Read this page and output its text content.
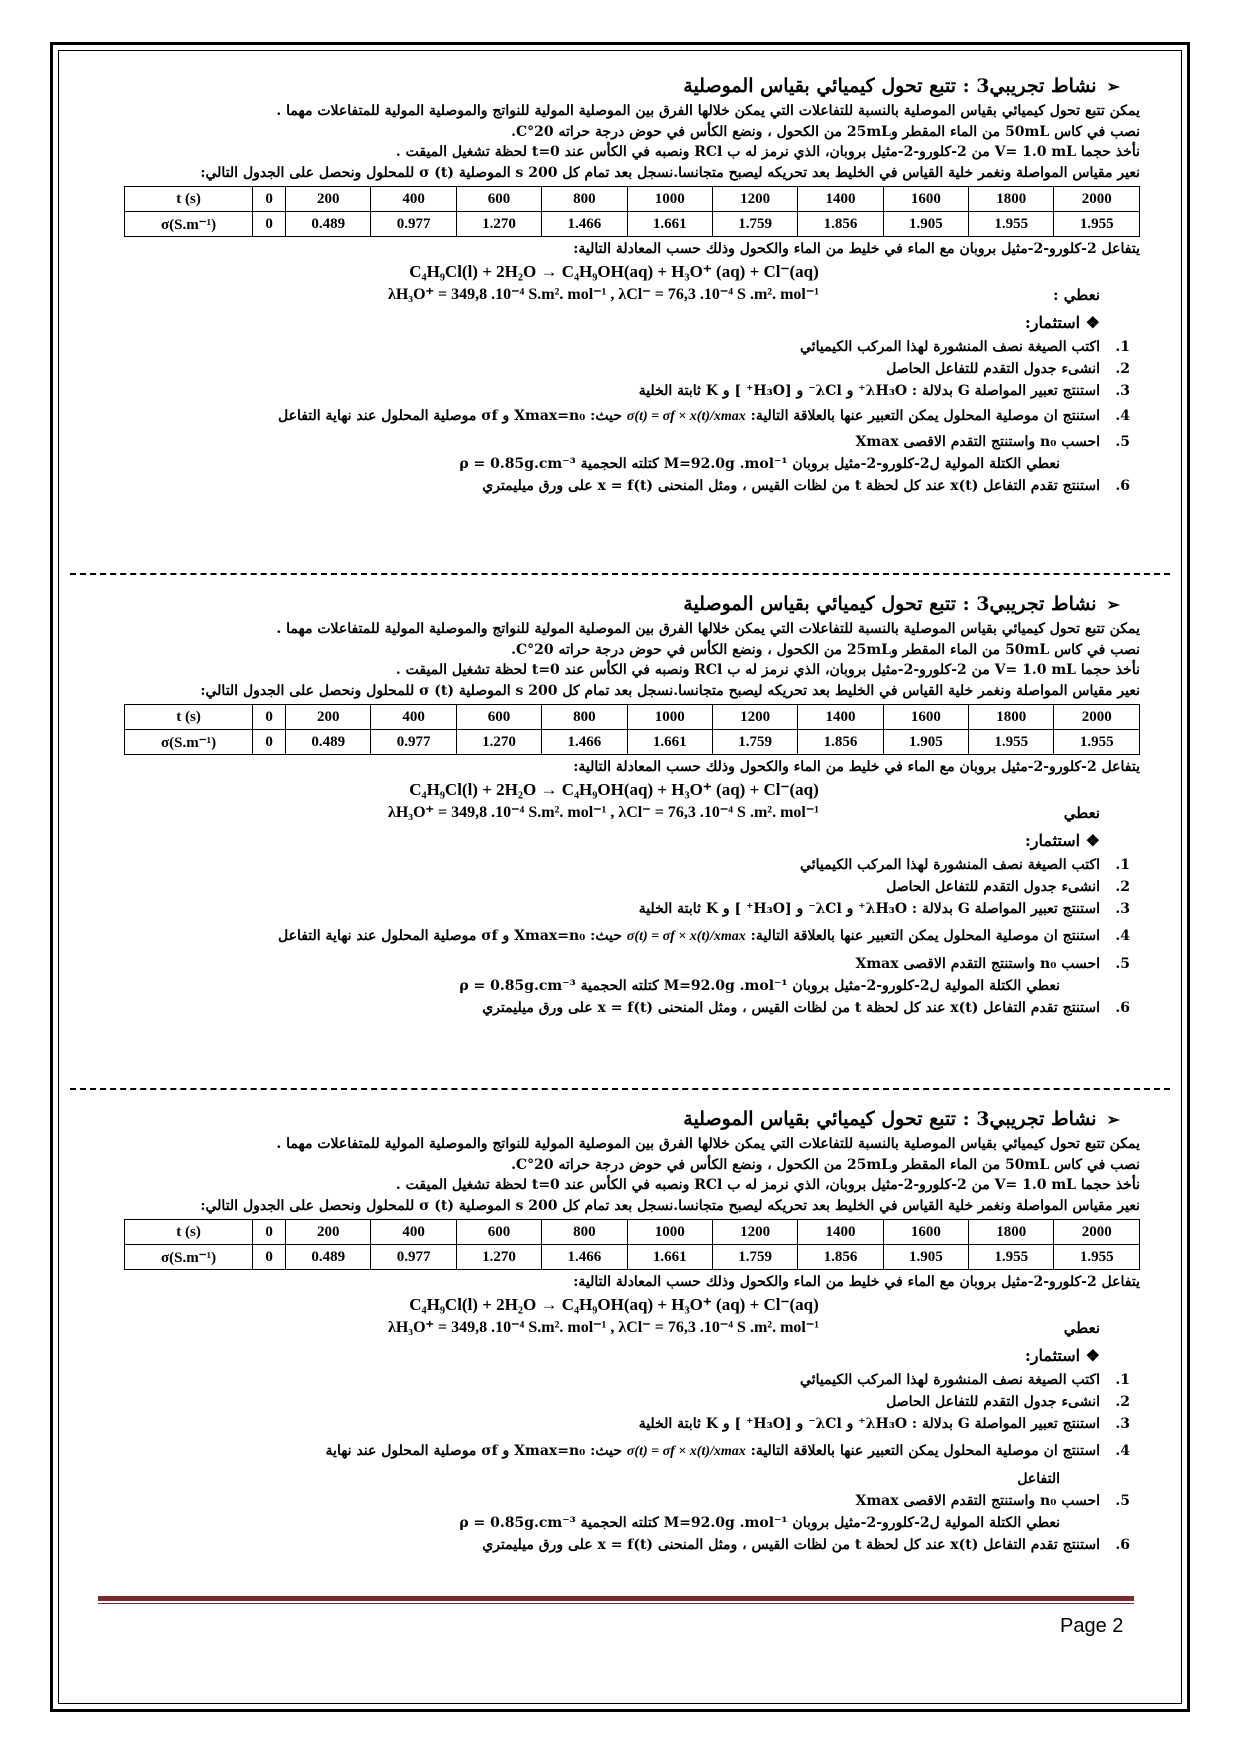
➢نشاط تجريبي3 : تتبع تحول كيميائي بقياس الموصلية
يمكن تتبع تحول كيميائي بقياس الموصلية بالنسبة للتفاعلات التي يمكن خلالها الفرق بين الموصلية المولية للنواتج والموصلية المولية للمتفاعلات مهما .
نصب في كاس 50mL من الماء المقطر و25mL من الكحول ، ونضع الكأس في حوض درجة حراته 20°C.
نأخذ حجما V= 1.0 mL من 2-كلورو-2-مثيل بروبان، الذي نرمز له ب RCl ونصبه في الكأس عند t=0 لحظة تشغيل الميقت .
نعير مقياس المواصلة ونغمر خلية القياس في الخليط بعد تحريكه ليصبح متجانسا.نسجل بعد تمام كل 200 s الموصلية σ (t) للمحلول ونحصل على الجدول التالي:
t (s)	0	200	400	600	800	1000	1200	1400	1600	1800	2000
σ(S.m⁻¹)	0	0.489	0.977	1.270	1.466	1.661	1.759	1.856	1.905	1.955	1.955
يتفاعل 2-كلورو-2-مثيل بروبان مع الماء في خليط من الماء والكحول وذلك حسب المعادلة التالية:
C₄H₉Cl(l) + 2H₂O → C₄H₉OH(aq) + H₃O⁺ (aq) + Cl⁻(aq)
نعطي :
λH₃O⁺ = 349,8 .10⁻⁴ S.m². mol⁻¹ , λCl⁻ = 76,3 .10⁻⁴ S .m². mol⁻¹
❖ استثمار:
1.
اكتب الصيغة نصف المنشورة لهذا المركب الكيميائي
2.
انشىء جدول التقدم للتفاعل الحاصل
3.
استنتج تعبير المواصلة G بدلالة : λH₃O⁺ و λCl⁻ و [H₃O⁺ ] و K ثابتة الخلية
4.
استنتج ان موصلية المحلول يمكن التعبير عنها بالعلاقة التالية: σ(t) = σf × x(t)/xmax حيث: Xmax=n₀ و σf موصلية المحلول عند نهاية التفاعل
5.
احسب n₀ واستنتج التقدم الاقصى Xmax
نعطي الكتلة المولية ل2-كلورو-2-مثيل بروبان M=92.0g .mol⁻¹ كتلته الحجمية ρ = 0.85g.cm⁻³
6.
استنتج تقدم التفاعل x(t) عند كل لحظة t من لظات القيس ، ومثل المنحنى x = f(t) على ورق ميليمتري
➢نشاط تجريبي3 : تتبع تحول كيميائي بقياس الموصلية
يمكن تتبع تحول كيميائي بقياس الموصلية بالنسبة للتفاعلات التي يمكن خلالها الفرق بين الموصلية المولية للنواتج والموصلية المولية للمتفاعلات مهما .
نصب في كاس 50mL من الماء المقطر و25mL من الكحول ، ونضع الكأس في حوض درجة حراته 20°C.
نأخذ حجما V= 1.0 mL من 2-كلورو-2-مثيل بروبان، الذي نرمز له ب RCl ونصبه في الكأس عند t=0 لحظة تشغيل الميقت .
نعير مقياس المواصلة ونغمر خلية القياس في الخليط بعد تحريكه ليصبح متجانسا.نسجل بعد تمام كل 200 s الموصلية σ (t) للمحلول ونحصل على الجدول التالي:
t (s)	0	200	400	600	800	1000	1200	1400	1600	1800	2000
σ(S.m⁻¹)	0	0.489	0.977	1.270	1.466	1.661	1.759	1.856	1.905	1.955	1.955
يتفاعل 2-كلورو-2-مثيل بروبان مع الماء في خليط من الماء والكحول وذلك حسب المعادلة التالية:
C₄H₉Cl(l) + 2H₂O → C₄H₉OH(aq) + H₃O⁺ (aq) + Cl⁻(aq)
نعطي
λH₃O⁺ = 349,8 .10⁻⁴ S.m². mol⁻¹ , λCl⁻ = 76,3 .10⁻⁴ S .m². mol⁻¹
❖ استثمار:
1.
اكتب الصيغة نصف المنشورة لهذا المركب الكيميائي
2.
انشىء جدول التقدم للتفاعل الحاصل
3.
استنتج تعبير المواصلة G بدلالة : λH₃O⁺ و λCl⁻ و [H₃O⁺ ] و K ثابتة الخلية
4.
استنتج ان موصلية المحلول يمكن التعبير عنها بالعلاقة التالية: σ(t) = σf × x(t)/xmax حيث: Xmax=n₀ و σf موصلية المحلول عند نهاية التفاعل
5.
احسب n₀ واستنتج التقدم الاقصى Xmax
نعطي الكتلة المولية ل2-كلورو-2-مثيل بروبان M=92.0g .mol⁻¹ كتلته الحجمية ρ = 0.85g.cm⁻³
6.
استنتج تقدم التفاعل x(t) عند كل لحظة t من لظات القيس ، ومثل المنحنى x = f(t) على ورق ميليمتري
➢نشاط تجريبي3 : تتبع تحول كيميائي بقياس الموصلية
يمكن تتبع تحول كيميائي بقياس الموصلية بالنسبة للتفاعلات التي يمكن خلالها الفرق بين الموصلية المولية للنواتج والموصلية المولية للمتفاعلات مهما .
نصب في كاس 50mL من الماء المقطر و25mL من الكحول ، ونضع الكأس في حوض درجة حراته 20°C.
نأخذ حجما V= 1.0 mL من 2-كلورو-2-مثيل بروبان، الذي نرمز له ب RCl ونصبه في الكأس عند t=0 لحظة تشغيل الميقت .
نعير مقياس المواصلة ونغمر خلية القياس في الخليط بعد تحريكه ليصبح متجانسا.نسجل بعد تمام كل 200 s الموصلية σ (t) للمحلول ونحصل على الجدول التالي:
t (s)	0	200	400	600	800	1000	1200	1400	1600	1800	2000
σ(S.m⁻¹)	0	0.489	0.977	1.270	1.466	1.661	1.759	1.856	1.905	1.955	1.955
يتفاعل 2-كلورو-2-مثيل بروبان مع الماء في خليط من الماء والكحول وذلك حسب المعادلة التالية:
C₄H₉Cl(l) + 2H₂O → C₄H₉OH(aq) + H₃O⁺ (aq) + Cl⁻(aq)
نعطي
λH₃O⁺ = 349,8 .10⁻⁴ S.m². mol⁻¹ , λCl⁻ = 76,3 .10⁻⁴ S .m². mol⁻¹
❖ استثمار:
1.
اكتب الصيغة نصف المنشورة لهذا المركب الكيميائي
2.
انشىء جدول التقدم للتفاعل الحاصل
3.
استنتج تعبير المواصلة G بدلالة : λH₃O⁺ و λCl⁻ و [H₃O⁺ ] و K ثابتة الخلية
4.
استنتج ان موصلية المحلول يمكن التعبير عنها بالعلاقة التالية: σ(t) = σf × x(t)/xmax حيث: Xmax=n₀ و σf موصلية المحلول عند نهاية
التفاعل
5.
احسب n₀ واستنتج التقدم الاقصى Xmax
نعطي الكتلة المولية ل2-كلورو-2-مثيل بروبان M=92.0g .mol⁻¹ كتلته الحجمية ρ = 0.85g.cm⁻³
6.
استنتج تقدم التفاعل x(t) عند كل لحظة t من لظات القيس ، ومثل المنحنى x = f(t) على ورق ميليمتري
Page 2
